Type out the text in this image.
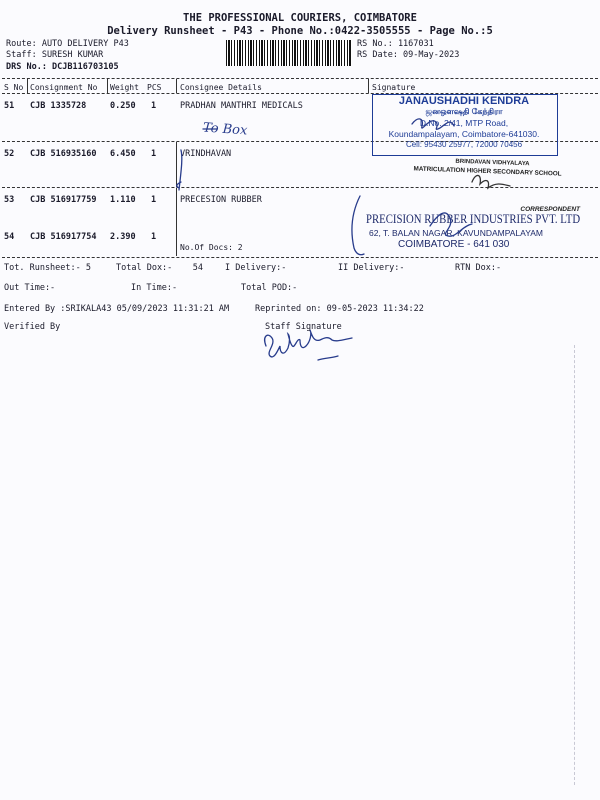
THE PROFESSIONAL COURIERS, COIMBATORE
Delivery Runsheet - P43 - Phone No.:0422-3505555 - Page No.:5
Route: AUTO DELIVERY P43
Staff: SURESH KUMAR
DRS No.: DCJB116703105
RS No.: 1167031
RS Date: 09-May-2023
S No Consignment No Weight PCS Consignee Details	Signature
51 CJB 1335728	0.250 1	PRADHAN MANTHRI MEDICALS
52 CJB 516935160 6.450 1	VRINDHAVAN
53 CJB 516917759 1.110 1	PRECESION RUBBER
54 CJB 516917754 2.390 1
No.Of Docs: 2
To Box
JANAUSHADHI KENDRA
ஜனஒளஷதி கேந்திரா
D.No. 2/41, MTP Road,
Koundampalayam, Coimbatore-641030.
Cell: 95430 25977, 72000 70456
BRINDAVAN VIDHYALAYA
MATRICULATION HIGHER SECONDARY SCHOOL
CORRESPONDENT
PRECISION RUBBER INDUSTRIES PVT. LTD
62, T. BALAN NAGAR, KAVUNDAMPALAYAM
COIMBATORE - 641 030
Tot. Runsheet:- 5	Total Dox:-    54	I Delivery:-	II Delivery:-	RTN Dox:-
Out Time:-	In Time:-	Total POD:-
Entered By :SRIKALA43 05/09/2023 11:31:21 AM	Reprinted on: 09-05-2023 11:34:22
Verified By	Staff Signature
